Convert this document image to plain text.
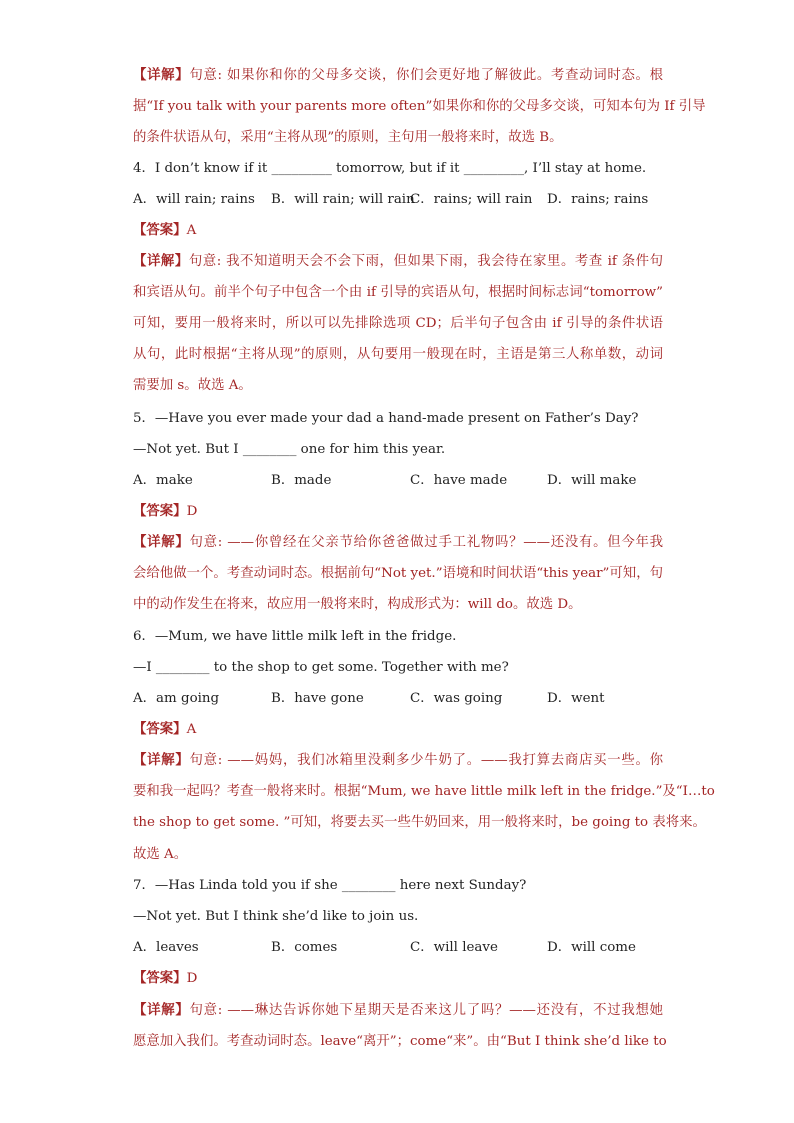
【详解】句意: 如果你和你的父母多交谈，你们会更好地了解彼此。考查动词时态。根
据“If you talk with your parents more often”如果你和你的父母多交谈，可知本句为 If 引导
的条件状语从句，采用“主将从现”的原则，主句用一般将来时，故选 B。
4．I don’t know if it _________ tomorrow, but if it _________, I’ll stay at home.
【答案】A
【详解】句意: 我不知道明天会不会下雨，但如果下雨，我会待在家里。考查 if 条件句
和宾语从句。前半个句子中包含一个由 if 引导的宾语从句，根据时间标志词“tomorrow”
可知，要用一般将来时，所以可以先排除选项 CD；后半句子包含由 if 引导的条件状语
从句，此时根据“主将从现”的原则，从句要用一般现在时，主语是第三人称单数，动词
需要加 s。故选 A。
5．—Have you ever made your dad a hand-made present on Father’s Day?
—Not yet. But I ________ one for him this year.
【答案】D
【详解】句意: ——你曾经在父亲节给你爸爸做过手工礼物吗？——还没有。但今年我
会给他做一个。考查动词时态。根据前句“Not yet.”语境和时间状语“this year”可知，句
中的动作发生在将来，故应用一般将来时，构成形式为：will do。故选 D。
6．—Mum, we have little milk left in the fridge.
—I ________ to the shop to get some. Together with me?
【答案】A
【详解】句意: ——妈妈，我们冰箱里没剩多少牛奶了。——我打算去商店买一些。你
要和我一起吗？考查一般将来时。根据“Mum, we have little milk left in the fridge.”及“I…to
the shop to get some. ”可知，将要去买一些牛奶回来，用一般将来时，be going to 表将来。
故选 A。
7．—Has Linda told you if she ________ here next Sunday?
—Not yet. But I think she’d like to join us.
【答案】D
【详解】句意: ——琳达告诉你她下星期天是否来这儿了吗？——还没有，不过我想她
愿意加入我们。考查动词时态。leave“离开”；come“来”。由“But I think she’d like to
A．will rain; rains B．will rain; will rain
C．rains; will rain D．rains; rains
A．make	B．made	C．have made	D．will make
A．am going	B．have gone	C．was going	D．went
A．leaves	B．comes	C．will leave	D．will come
